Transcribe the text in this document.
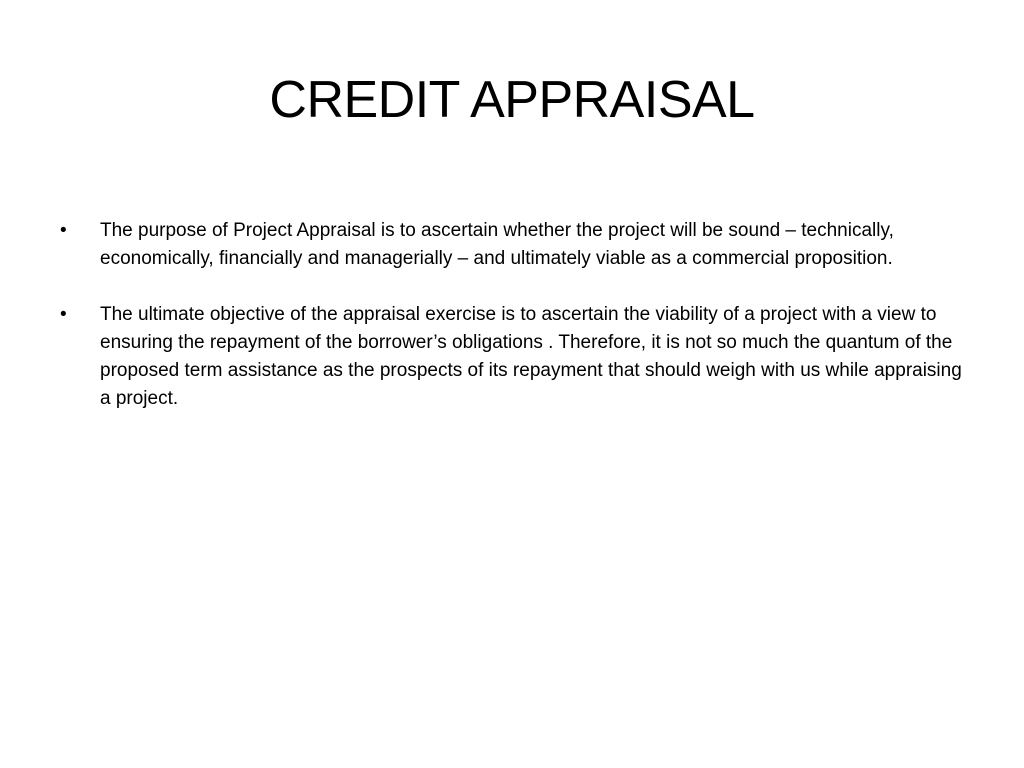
CREDIT APPRAISAL
• The purpose of Project Appraisal is to ascertain whether the project will be sound – technically, economically, financially and managerially – and ultimately viable as a commercial proposition.
• The ultimate objective of the appraisal exercise is to ascertain the viability of a project with a view to ensuring the repayment of the borrower’s obligations . Therefore, it is not so much the quantum of the proposed term assistance as the prospects of its repayment that should weigh with us while appraising a project.
